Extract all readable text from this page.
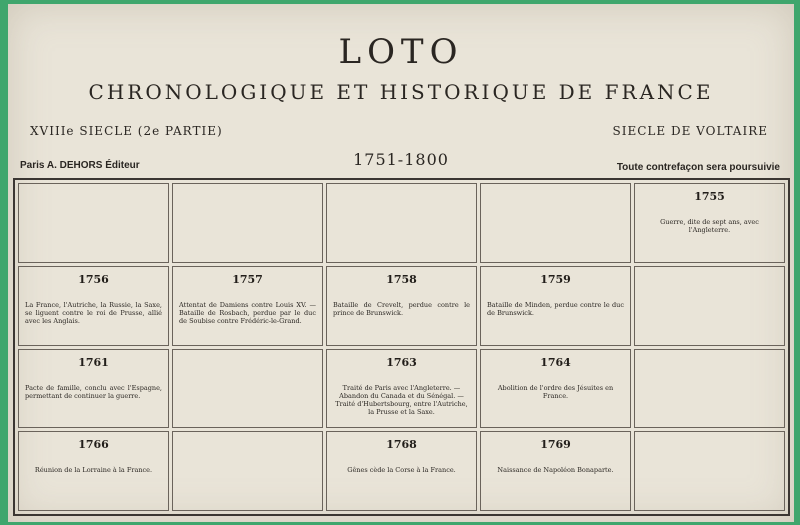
LOTO
CHRONOLOGIQUE ET HISTORIQUE DE FRANCE
XVIIIe SIECLE (2e PARTIE)	SIECLE DE VOLTAIRE
Paris A. DEHORS Éditeur	1751-1800	Toute contrefaçon sera poursuivie
1755
Guerre, dite de sept ans, avec l'Angleterre.
1756
La France, l'Autriche, la Russie, la Saxe, se liguent contre le roi de Prusse, allié avec les Anglais.
1757
Attentat de Damiens contre Louis XV. — Bataille de Rosbach, perdue par le duc de Soubise contre Frédéric-le-Grand.
1758
Bataille de Crevelt, perdue contre le prince de Brunswick.
1759
Bataille de Minden, perdue contre le duc de Brunswick.
1761
Pacte de famille, conclu avec l'Espagne, permettant de continuer la guerre.
1763
Traité de Paris avec l'Angleterre. — Abandon du Canada et du Sénégal. — Traité d'Hubertsbourg, entre l'Autriche, la Prusse et la Saxe.
1764
Abolition de l'ordre des Jésuites en France.
1766
Réunion de la Lorraine à la France.
1768
Gênes cède la Corse à la France.
1769
Naissance de Napoléon Bonaparte.
